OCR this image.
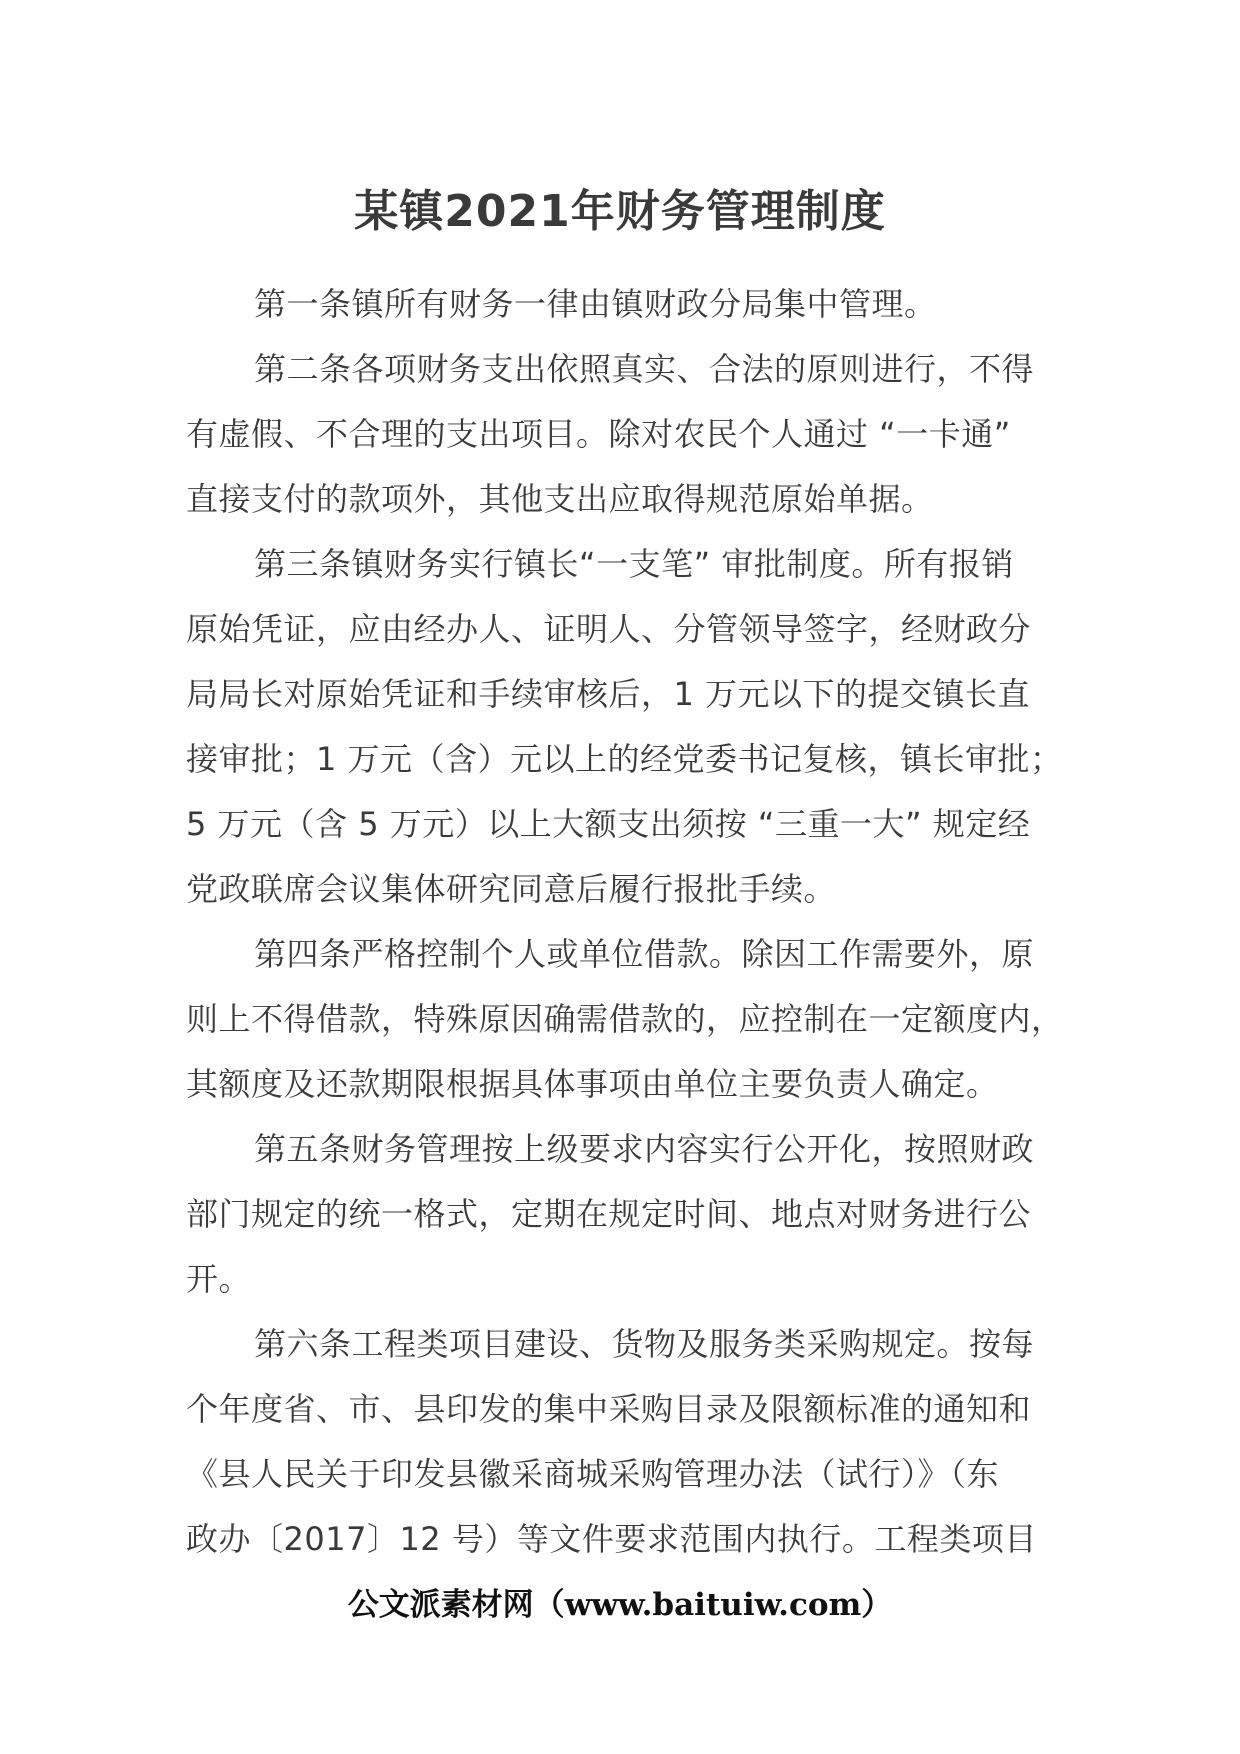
某镇2021年财务管理制度
第一条镇所有财务一律由镇财政分局集中管理。
第二条各项财务支出依照真实、合法的原则进行，不得
有虚假、不合理的支出项目。除对农民个人通过 “一卡通”
直接支付的款项外，其他支出应取得规范原始单据。
第三条镇财务实行镇长“一支笔” 审批制度。所有报销
原始凭证，应由经办人、证明人、分管领导签字，经财政分
局局长对原始凭证和手续审核后，1 万元以下的提交镇长直
接审批；1 万元（含）元以上的经党委书记复核，镇长审批；
5 万元（含 5 万元）以上大额支出须按 “三重一大” 规定经
党政联席会议集体研究同意后履行报批手续。
第四条严格控制个人或单位借款。除因工作需要外，原
则上不得借款，特殊原因确需借款的，应控制在一定额度内，
其额度及还款期限根据具体事项由单位主要负责人确定。
第五条财务管理按上级要求内容实行公开化，按照财政
部门规定的统一格式，定期在规定时间、地点对财务进行公
开。
第六条工程类项目建设、货物及服务类采购规定。按每
个年度省、市、县印发的集中采购目录及限额标准的通知和
《县人民关于印发县徽采商城采购管理办法（试行）》（东
政办〔2017〕12 号）等文件要求范围内执行。工程类项目
公文派素材网（www.baituiw.com）
